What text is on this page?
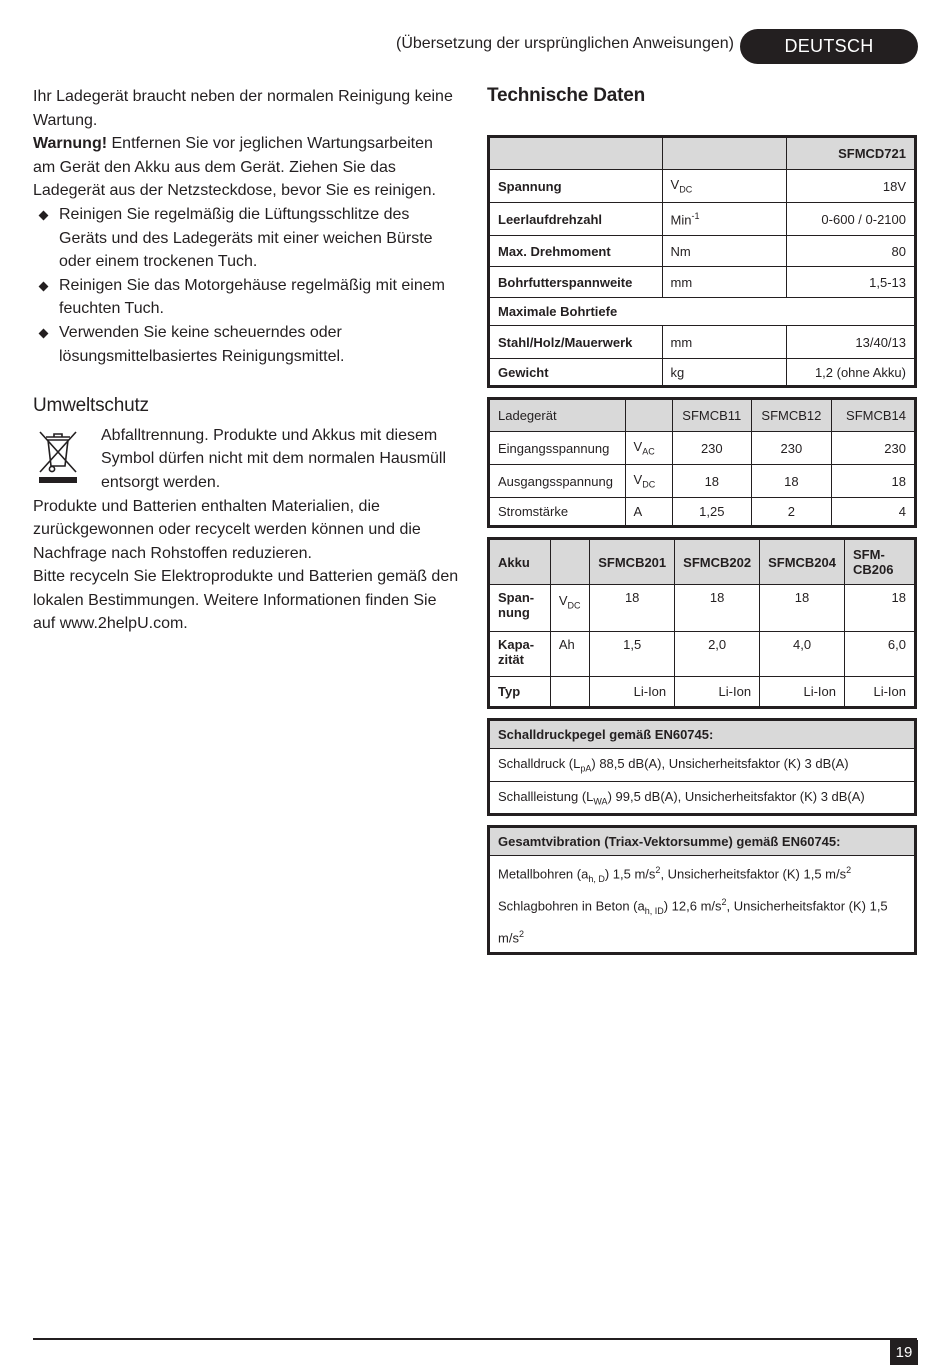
(Übersetzung der ursprünglichen Anweisungen)	DEUTSCH

Ihr Ladegerät braucht neben der normalen Reinigung keine Wartung.

Warnung! Entfernen Sie vor jeglichen Wartungsarbeiten am Gerät den Akku aus dem Gerät. Ziehen Sie das Ladegerät aus der Netzsteckdose, bevor Sie es reinigen.

Reinigen Sie regelmäßig die Lüftungsschlitze des Geräts und des Ladegeräts mit einer weichen Bürste oder einem trockenen Tuch.
Reinigen Sie das Motorgehäuse regelmäßig mit einem feuchten Tuch.
Verwenden Sie keine scheuerndes oder lösungsmittelbasiertes Reinigungsmittel.
Umweltschutz

Abfalltrennung. Produkte und Akkus mit diesem Symbol dürfen nicht mit dem normalen Hausmüll entsorgt werden.

Produkte und Batterien enthalten Materialien, die zurückgewonnen oder recycelt werden können und die Nachfrage nach Rohstoffen reduzieren.

Bitte recyceln Sie Elektroprodukte und Batterien gemäß den lokalen Bestimmungen. Weitere Informationen finden Sie auf www.2helpU.com.

Technische Daten
		SFMCD721
Spannung	$V_{DC}$	18V
Leerlaufdrehzahl	Min$^{-1}$	0-600 / 0-2100
Max. Drehmoment	Nm	80
Bohrfutterspannweite	mm	1,5-13
Maximale Bohrtiefe		
Stahl/Holz/Mauerwerk	mm	13/40/13
Gewicht	kg	1,2 (ohne Akku)
Ladegerät		SFMCB11	SFMCB12	SFMCB14
Eingangsspannung	$V_{AC}$	230	230	230
Ausgangsspannung	$V_{DC}$	18	18	18
Stromstärke	A	1,25	2	4
Akku		SFMCB201	SFMCB202	SFMCB204	SFM-
CB206
Span-
nung	$V_{DC}$	18	18	18	18
Kapa-
zität	Ah	1,5	2,0	4,0	6,0
Typ		Li-Ion	Li-Ion	Li-Ion	Li-Ion
Schalldruckpegel gemäß EN60745:
Schalldruck $(L_{pA})$ 88,5 dB(A), Unsicherheitsfaktor (K) 3 dB(A)
Schallleistung $(L_{WA})$ 99,5 dB(A), Unsicherheitsfaktor (K) 3 dB(A)
Gesamtvibration (Triax-Vektorsumme) gemäß EN60745:

Metallbohren $(a_{h, D})$ 1,5 $m/s^2$, Unsicherheitsfaktor (K) 1,5 $m/s^2$
Schlagbohren in Beton $(a_{h, ID})$ 12,6 $m/s^2$, Unsicherheitsfaktor (K) 1,5 $m/s^2$
19
